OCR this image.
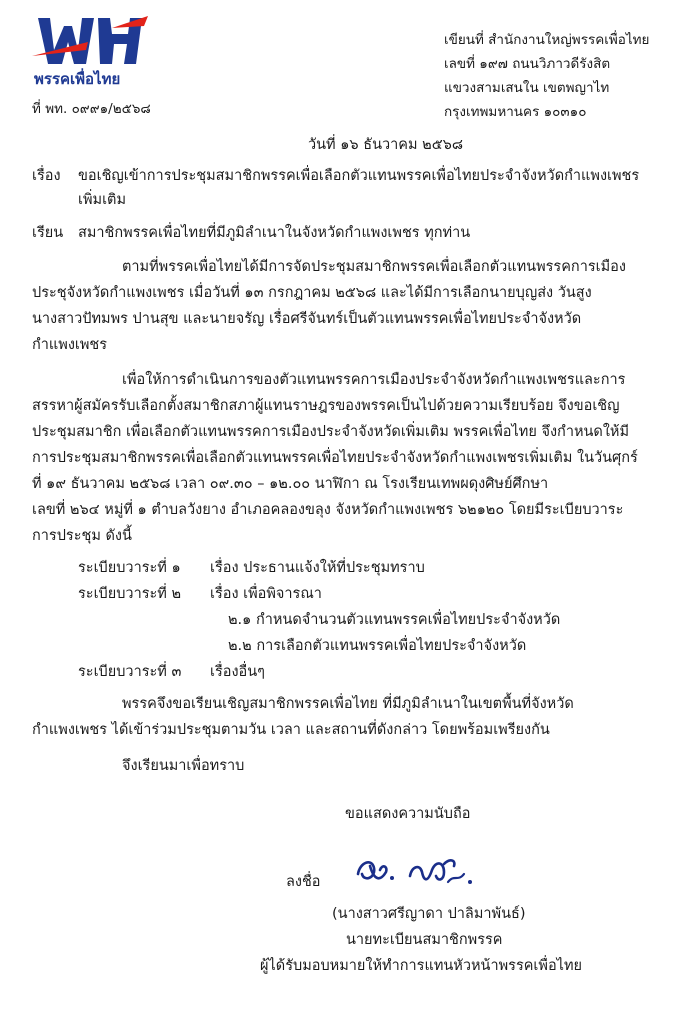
พรรคเพื่อไทย
เขียนที่ สำนักงานใหญ่พรรคเพื่อไทย
เลขที่ ๑๙๗ ถนนวิภาวดีรังสิต
แขวงสามเสนใน เขตพญาไท
กรุงเทพมหานคร ๑๐๓๑๐
ที่ พท. ๐๙๙๑/๒๕๖๘
วันที่ ๑๖ ธันวาคม ๒๕๖๘
เรื่อง ขอเชิญเข้าการประชุมสมาชิกพรรคเพื่อเลือกตัวแทนพรรคเพื่อไทยประจำจังหวัดกำแพงเพชร
เพิ่มเติม
เรียน สมาชิกพรรคเพื่อไทยที่มีภูมิลำเนาในจังหวัดกำแพงเพชร ทุกท่าน
ตามที่พรรคเพื่อไทยได้มีการจัดประชุมสมาชิกพรรคเพื่อเลือกตัวแทนพรรคการเมือง
ประชุจังหวัดกำแพงเพชร เมื่อวันที่ ๑๓ กรกฎาคม ๒๕๖๘ และได้มีการเลือกนายบุญส่ง วันสูง
นางสาวปัทมพร ปานสุข และนายจรัญ เรื่อศรีจันทร์เป็นตัวแทนพรรคเพื่อไทยประจำจังหวัด
กำแพงเพชร
เพื่อให้การดำเนินการของตัวแทนพรรคการเมืองประจำจังหวัดกำแพงเพชรและการ
สรรหาผู้สมัครรับเลือกตั้งสมาชิกสภาผู้แทนราษฎรของพรรคเป็นไปด้วยความเรียบร้อย จึงขอเชิญ
ประชุมสมาชิก เพื่อเลือกตัวแทนพรรคการเมืองประจำจังหวัดเพิ่มเติม พรรคเพื่อไทย จึงกำหนดให้มี
การประชุมสมาชิกพรรคเพื่อเลือกตัวแทนพรรคเพื่อไทยประจำจังหวัดกำแพงเพชรเพิ่มเติม ในวันศุกร์
ที่ ๑๙ ธันวาคม ๒๕๖๘ เวลา ๐๙.๓๐ – ๑๒.๐๐ นาฬิกา ณ โรงเรียนเทพผดุงศิษย์ศึกษา
เลขที่ ๒๖๔ หมู่ที่ ๑ ตำบลวังยาง อำเภอคลองขลุง จังหวัดกำแพงเพชร ๖๒๑๒๐ โดยมีระเบียบวาระ
การประชุม ดังนี้
ระเบียบวาระที่ ๑ เรื่อง ประธานแจ้งให้ที่ประชุมทราบ
ระเบียบวาระที่ ๒ เรื่อง เพื่อพิจารณา
๒.๑ กำหนดจำนวนตัวแทนพรรคเพื่อไทยประจำจังหวัด
๒.๒ การเลือกตัวแทนพรรคเพื่อไทยประจำจังหวัด
ระเบียบวาระที่ ๓ เรื่องอื่นๆ
พรรคจึงขอเรียนเชิญสมาชิกพรรคเพื่อไทย ที่มีภูมิลำเนาในเขตพื้นที่จังหวัด
กำแพงเพชร ได้เข้าร่วมประชุมตามวัน เวลา และสถานที่ดังกล่าว โดยพร้อมเพรียงกัน
จึงเรียนมาเพื่อทราบ
ขอแสดงความนับถือ
ลงชื่อ
(นางสาวศรีญาดา ปาลิมาพันธ์)
นายทะเบียนสมาชิกพรรค
ผู้ได้รับมอบหมายให้ทำการแทนหัวหน้าพรรคเพื่อไทย
